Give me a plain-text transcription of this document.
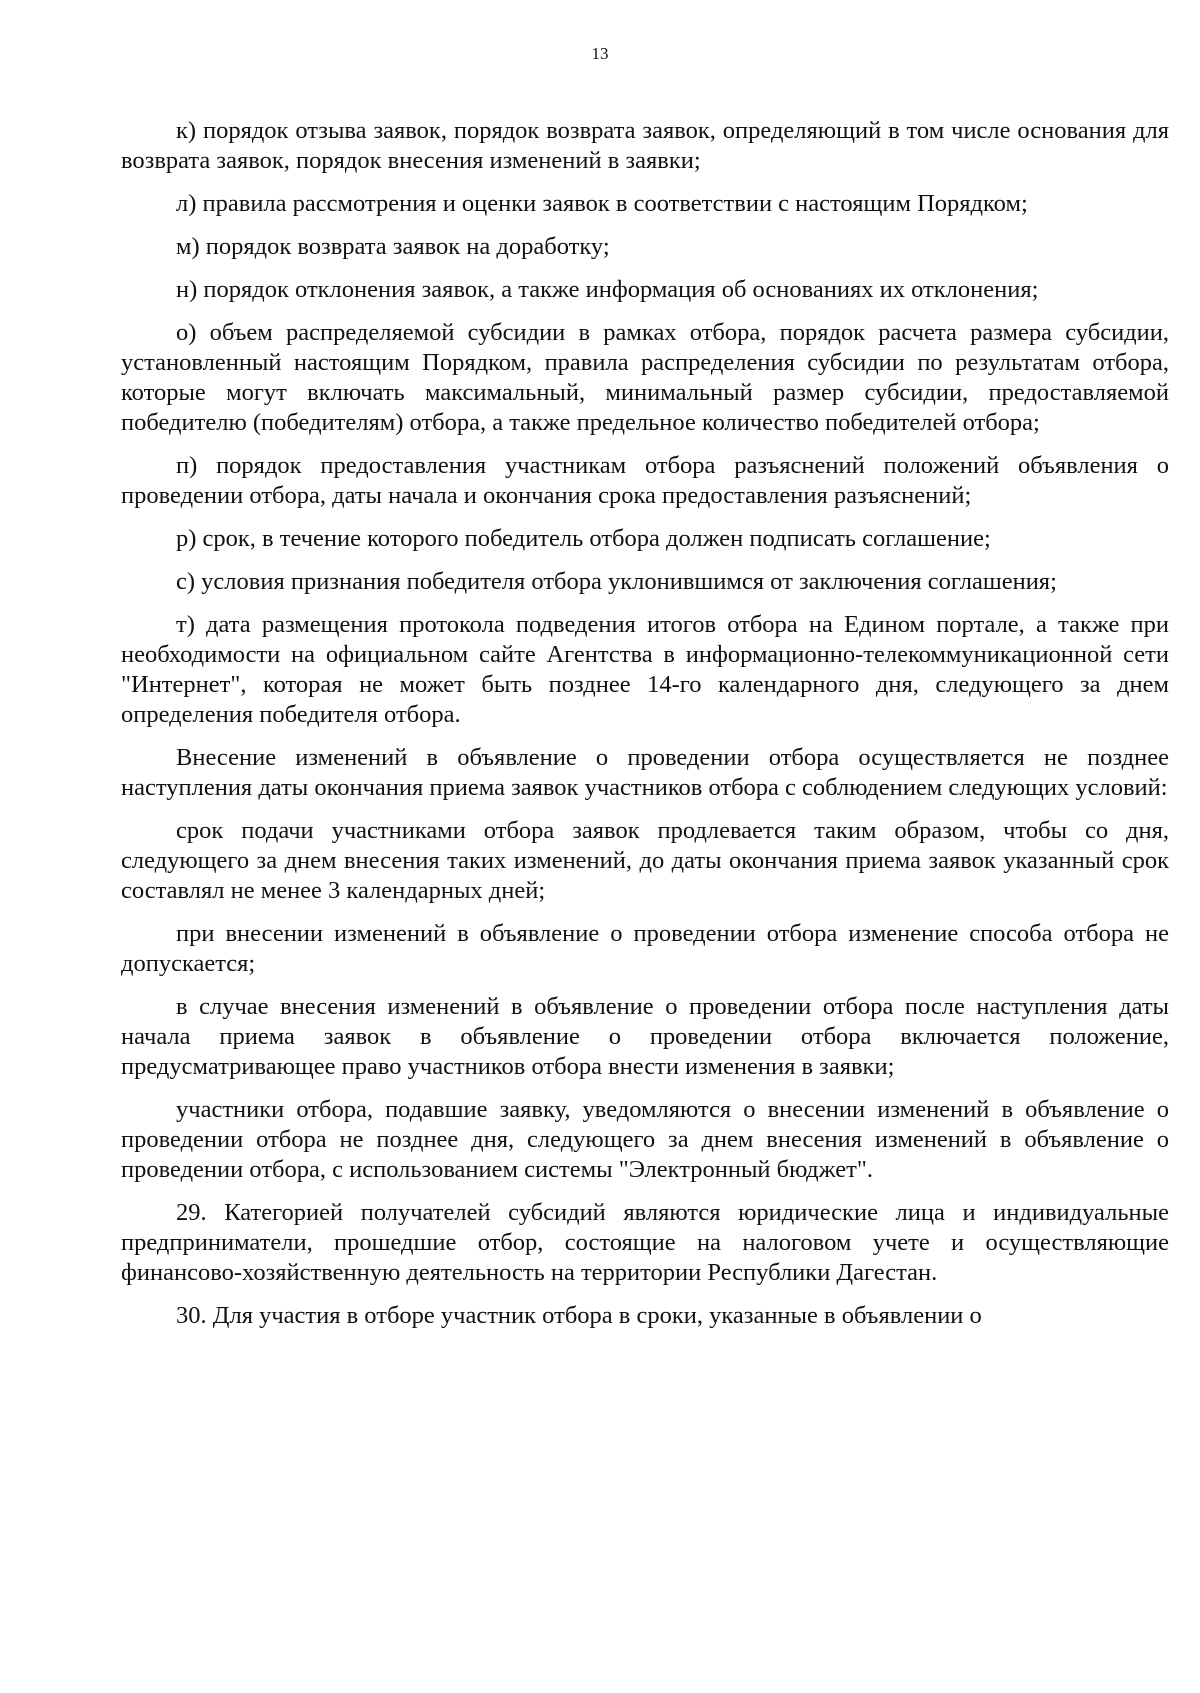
13

к) порядок отзыва заявок, порядок возврата заявок, определяющий в том числе основания для возврата заявок, порядок внесения изменений в заявки;

л) правила рассмотрения и оценки заявок в соответствии с настоящим Порядком;

м) порядок возврата заявок на доработку;

н) порядок отклонения заявок, а также информация об основаниях их отклонения;

о) объем распределяемой субсидии в рамках отбора, порядок расчета размера субсидии, установленный настоящим Порядком, правила распределения субсидии по результатам отбора, которые могут включать максимальный, минимальный размер субсидии, предоставляемой победителю (победителям) отбора, а также предельное количество победителей отбора;

п) порядок предоставления участникам отбора разъяснений положений объявления о проведении отбора, даты начала и окончания срока предоставления разъяснений;

р) срок, в течение которого победитель отбора должен подписать соглашение;

с) условия признания победителя отбора уклонившимся от заключения соглашения;

т) дата размещения протокола подведения итогов отбора на Едином портале, а также при необходимости на официальном сайте Агентства в информационно-телекоммуникационной сети "Интернет", которая не может быть позднее 14-го календарного дня, следующего за днем определения победителя отбора.

Внесение изменений в объявление о проведении отбора осуществляется не позднее наступления даты окончания приема заявок участников отбора с соблюдением следующих условий:

срок подачи участниками отбора заявок продлевается таким образом, чтобы со дня, следующего за днем внесения таких изменений, до даты окончания приема заявок указанный срок составлял не менее 3 календарных дней;

при внесении изменений в объявление о проведении отбора изменение способа отбора не допускается;

в случае внесения изменений в объявление о проведении отбора после наступления даты начала приема заявок в объявление о проведении отбора включается положение, предусматривающее право участников отбора внести изменения в заявки;

участники отбора, подавшие заявку, уведомляются о внесении изменений в объявление о проведении отбора не позднее дня, следующего за днем внесения изменений в объявление о проведении отбора, с использованием системы "Электронный бюджет".

29. Категорией получателей субсидий являются юридические лица и индивидуальные предприниматели, прошедшие отбор, состоящие на налоговом учете и осуществляющие финансово-хозяйственную деятельность на территории Республики Дагестан.

30. Для участия в отборе участник отбора в сроки, указанные в объявлении о
